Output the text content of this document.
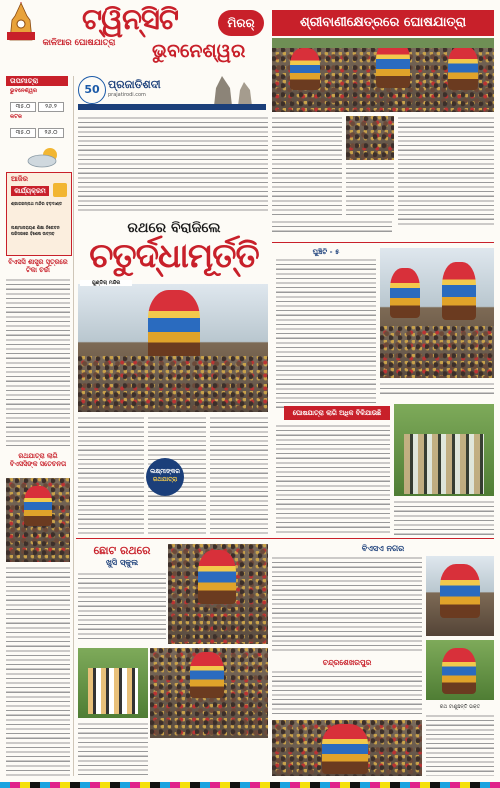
ଟ୍ୱିନ୍‌ସିଟି	ମିରର୍
କାଳିଆର ଘୋଷଯାତ୍ରା ଭୁବନେଶ୍ୱର
ଶ୍ରୀବାଣୀକ୍ଷେତ୍ରରେ ଘୋଷଯାତ୍ରା
ତାପମାତ୍ରା
ଭୁବନେଶ୍ୱର
୩୫.୦	୨୬.୨
କଟକ
୩୫.୦	୨୬.୦
ଆଜିର
କାର୍ଯ୍ୟକ୍ରମ
ଶ୍ରୀଜଗନ୍ନାଥ ମନ୍ଦିର ବଡ଼ଦାଣ୍ଡ
ଲକ୍ଷ୍ମୀନାରାୟଣ ଶିକ୍ଷା ନିକେତନ ପରିସରରେ ବିଶେଷ ଉତ୍ସବ
ବିଏସସି ଶାସ୍ତ୍ର ସୂତ୍ରରେ ଟିକା ଚର୍ଚ୍ଚା
ରଥଯାତ୍ରା ଲାଗି ବିଏସସିଙ୍କ ସତେଚନତା
50 ପ୍ରଜାତିଶଦୀ
prajatirodi.com
ରଥରେ ବିରାଜିଲେ
ଚତୁର୍ଦ୍ଧାମୂର୍ତ୍ତି
ଗୁଣ୍ଡିଚା ମନ୍ଦିର
ଲକ୍ଷ୍ମୀଙ୍କର
ରଥଯାତ୍ରା
ଘୁଞ୍ଚିଟି - ୫
ଘୋଷଯାତ୍ରା ଲାଗି ଅଧିକ ବିକିଯାଉଛି
ଛୋଟ ରଥରେ
ଖୁସି ସ୍କୁଲ
ବିଏସଏ ନଗର
ଚନ୍ଦ୍ରଶେଖରପୁର
ରଥ ଟାଣୁଛନ୍ତି ଭକ୍ତ
